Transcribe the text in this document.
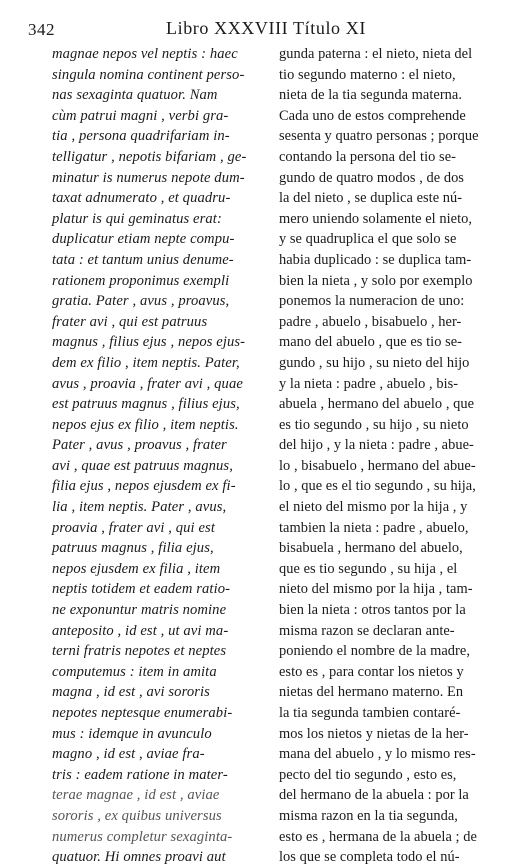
342	Libro XXXVIII Título XI
magnae nepos vel neptis : haec
singula nomina continent perso-
nas sexaginta quatuor. Nam
cùm patrui magni , verbi gra-
tia , persona quadrifariam in-
telligatur , nepotis bifariam , ge-
minatur is numerus nepote dum-
taxat adnumerato , et quadru-
platur is qui geminatus erat:
duplicatur etiam nepte compu-
tata : et tantum unius denume-
rationem proponimus exempli
gratia. Pater , avus , proavus,
frater avi , qui est patruus
magnus , filius ejus , nepos ejus-
dem ex filio , item neptis. Pater,
avus , proavia , frater avi , quae
est patruus magnus , filius ejus,
nepos ejus ex filio , item neptis.
Pater , avus , proavus , frater
avi , quae est patruus magnus,
filia ejus , nepos ejusdem ex fi-
lia , item neptis. Pater , avus,
proavia , frater avi , qui est
patruus magnus , filia ejus,
nepos ejusdem ex filia , item
neptis totidem et eadem ratio-
ne exponuntur matris nomine
anteposito , id est , ut avi ma-
terni fratris nepotes et neptes
computemus : item in amita
magna , id est , avi sororis
nepotes neptesque enumerabi-
mus : idemque in avunculo
magno , id est , aviae fra-
tris : eadem ratione in mater-
terae magnae , id est , aviae
sororis , ex quibus universus
numerus completur sexaginta-
quatuor. Hi omnes proavi aut
gunda paterna : el nieto, nieta del
tio segundo materno : el nieto,
nieta de la tia segunda materna.
Cada uno de estos comprehende
sesenta y quatro personas ; porque
contando la persona del tio se-
gundo de quatro modos , de dos
la del nieto , se duplica este nú-
mero uniendo solamente el nieto,
y se quadruplica el que solo se
habia duplicado : se duplica tam-
bien la nieta , y solo por exemplo
ponemos la numeracion de uno:
padre , abuelo , bisabuelo , her-
mano del abuelo , que es tio se-
gundo , su hijo , su nieto del hijo
y la nieta : padre , abuelo , bis-
abuela , hermano del abuelo , que
es tio segundo , su hijo , su nieto
del hijo , y la nieta : padre , abue-
lo , bisabuelo , hermano del abue-
lo , que es el tio segundo , su hija,
el nieto del mismo por la hija , y
tambien la nieta : padre , abuelo,
bisabuela , hermano del abuelo,
que es tio segundo , su hija , el
nieto del mismo por la hija , tam-
bien la nieta : otros tantos por la
misma razon se declaran ante-
poniendo el nombre de la madre,
esto es , para contar los nietos y
nietas del hermano materno. En
la tia segunda tambien contaré-
mos los nietos y nietas de la her-
mana del abuelo , y lo mismo res-
pecto del tio segundo , esto es,
del hermano de la abuela : por la
misma razon en la tia segunda,
esto es , hermana de la abuela ; de
los que se completa todo el nú-
